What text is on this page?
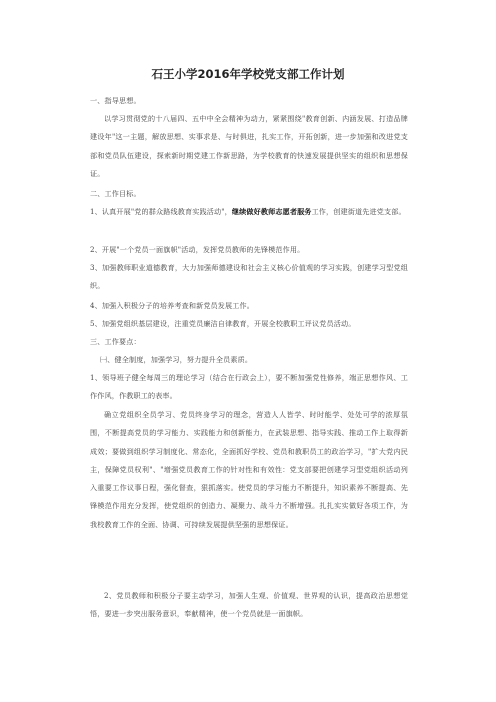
石王小学2016年学校党支部工作计划
一、指导思想。
以学习贯彻党的十八届四、五中中全会精神为动力，紧紧围绕"教育创新、内涵发展、打造品牌建设年"这一主题，解放思想、实事求是、与时俱进，扎实工作，开拓创新，进一步加强和改进党支部和党员队伍建设，探索新时期党建工作新思路，为学校教育的快速发展提供坚实的组织和思想保证。
二、工作目标。
1、认真开展"党的群众路线教育实践活动"，继续做好教师志愿者服务工作，创建街道先进党支部。
2、开展"一个党员一面旗帜"活动，发挥党员教师的先锋模范作用。
3、加强教师职业道德教育，大力加强师德建设和社会主义核心价值观的学习实践，创建学习型党组织。
4、加强入积极分子的培养考查和新党员发展工作。
5、加强党组织基层建设，注重党员廉洁自律教育，开展全校教职工评议党员活动。
三、工作要点：
㈠、健全制度，加强学习，努力提升全员素质。
1、领导班子健全每周三的理论学习（结合在行政会上），要不断加强党性修养，端正思想作风、工作作风，作教职工的表率。
确立党组织全员学习、党员终身学习的理念，营造人人皆学、时时能学、处处可学的浓厚氛围，不断提高党员的学习能力、实践能力和创新能力，在武装思想、指导实践、推动工作上取得新成效；要做到组织学习制度化、常态化，全面抓好学校、党员和教职员工的政治学习，"扩大党内民主，保障党员权利"、"增强党员教育工作的针对性和有效性：党支部要把创建学习型党组织活动列入重要工作议事日程，强化督查，狠抓落实。使党员的学习能力不断提升，知识素养不断提高、先锋模范作用充分发挥，使党组织的创造力、凝聚力、战斗力不断增强。扎扎实实做好各项工作，为我校教育工作的全面、协调、可持续发展提供坚强的思想保证。
2、党员教师和积极分子要主动学习，加强人生观、价值观、世界观的认识，提高政治思想觉悟，要进一步突出服务意识，奉献精神，使一个党员就是一面旗帜。
